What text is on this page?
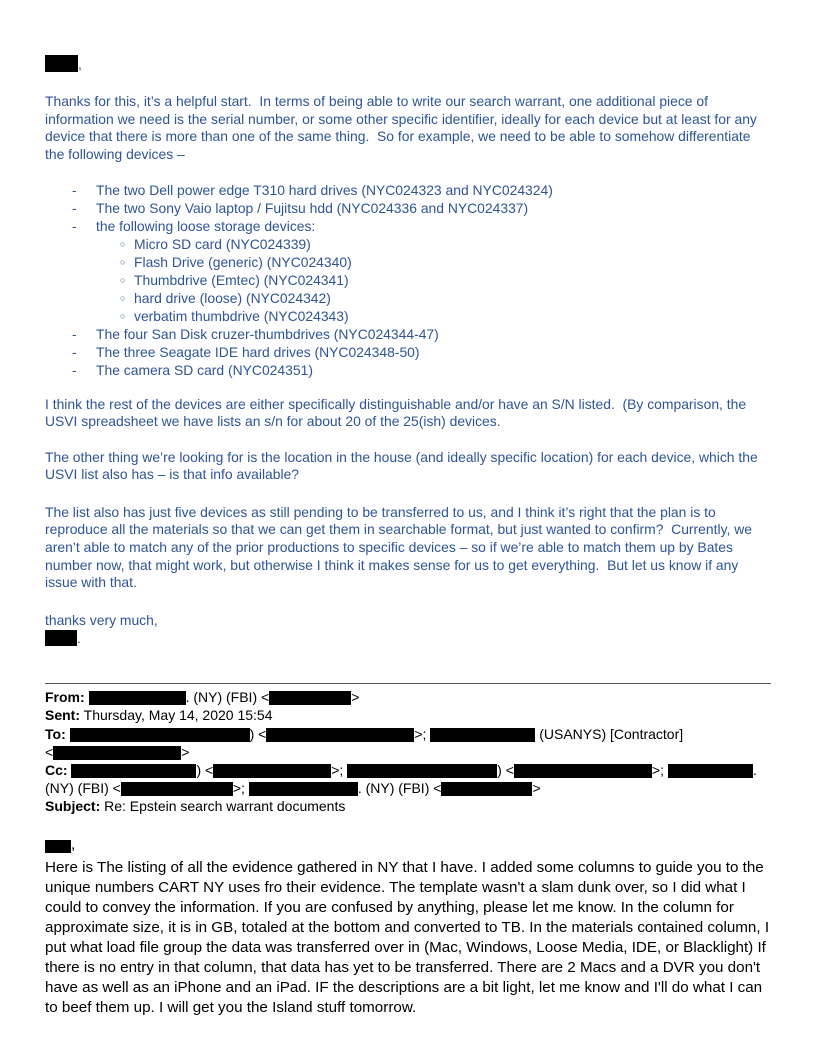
,

Thanks for this, it’s a helpful start.  In terms of being able to write our search warrant, one additional piece of information we need is the serial number, or some other specific identifier, ideally for each device but at least for any device that there is more than one of the same thing.  So for example, we need to be able to somehow differentiate the following devices –

-	The two Dell power edge T310 hard drives (NYC024323 and NYC024324)
-	The two Sony Vaio laptop / Fujitsu hdd (NYC024336 and NYC024337)
-	the following loose storage devices:
○ Micro SD card (NYC024339)
○ Flash Drive (generic) (NYC024340)
○ Thumbdrive (Emtec) (NYC024341)
○ hard drive (loose) (NYC024342)
○ verbatim thumbdrive (NYC024343)
-	The four San Disk cruzer-thumbdrives (NYC024344-47)
-	The three Seagate IDE hard drives (NYC024348-50)
-	The camera SD card (NYC024351)

I think the rest of the devices are either specifically distinguishable and/or have an S/N listed.  (By comparison, the USVI spreadsheet we have lists an s/n for about 20 of the 25(ish) devices.

The other thing we’re looking for is the location in the house (and ideally specific location) for each device, which the USVI list also has – is that info available?

The list also has just five devices as still pending to be transferred to us, and I think it’s right that the plan is to reproduce all the materials so that we can get them in searchable format, but just wanted to confirm?  Currently, we aren’t able to match any of the prior productions to specific devices – so if we’re able to match them up by Bates number now, that might work, but otherwise I think it makes sense for us to get everything.  But let us know if any issue with that.

thanks very much,

.
From:	. (NY) (FBI) <	>
Sent: Thursday, May 14, 2020 15:54
To:	) <	>;	(USANYS) [Contractor]
<	>
Cc:	) <	>;	) <	>;	.
(NY) (FBI) <	>;	. (NY) (FBI) <	>
Subject: Re: Epstein search warrant documents
,

Here is The listing of all the evidence gathered in NY that I have. I added some columns to guide you to the unique numbers CART NY uses fro their evidence. The template wasn't a slam dunk over, so I did what I could to convey the information. If you are confused by anything, please let me know. In the column for approximate size, it is in GB, totaled at the bottom and converted to TB. In the materials contained column, I put what load file group the data was transferred over in (Mac, Windows, Loose Media, IDE, or Blacklight) If there is no entry in that column, that data has yet to be transferred. There are 2 Macs and a DVR you don't have as well as an iPhone and an iPad. IF the descriptions are a bit light, let me know and I'll do what I can to beef them up. I will get you the Island stuff tomorrow.
